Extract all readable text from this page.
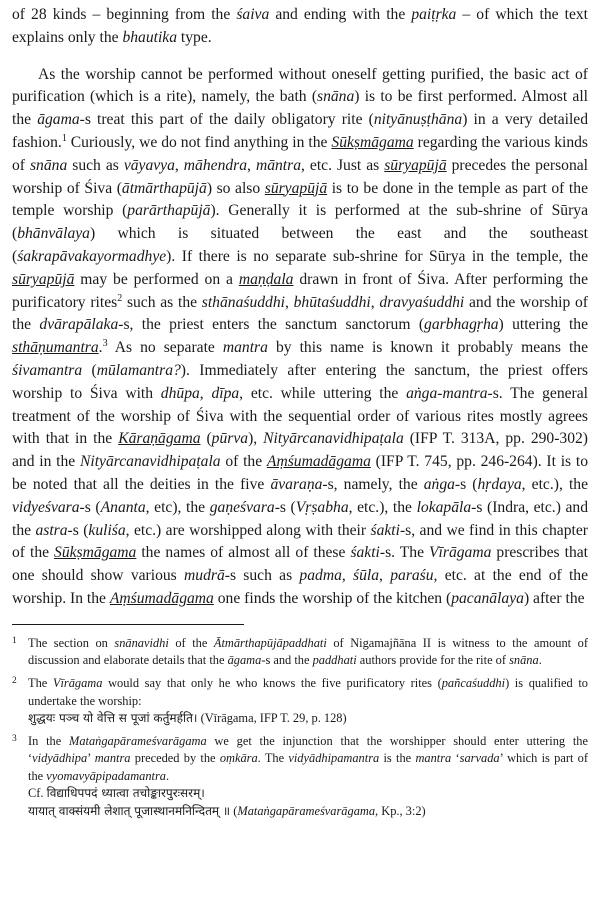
of 28 kinds – beginning from the śaiva and ending with the paiṭṛka – of which the text explains only the bhautika type.

As the worship cannot be performed without oneself getting purified, the basic act of purification (which is a rite), namely, the bath (snāna) is to be first performed. Almost all the āgama-s treat this part of the daily obligatory rite (nityānuṣṭhāna) in a very detailed fashion.$^1$ Curiously, we do not find anything in the Sūkṣmāgama regarding the various kinds of snāna such as vāyavya, māhendra, māntra, etc. Just as sūryapūjā precedes the personal worship of Śiva (ātmārthapūjā) so also sūryapūjā is to be done in the temple as part of the temple worship (parārthapūjā). Generally it is performed at the sub-shrine of Sūrya (bhānvālaya) which is situated between the east and the southeast (śakrapāvakayormadhye). If there is no separate sub-shrine for Sūrya in the temple, the sūryapūjā may be performed on a maṇḍala drawn in front of Śiva. After performing the purificatory rites$^2$ such as the sthānaśuddhi, bhūtaśuddhi, dravyaśuddhi and the worship of the dvārapālaka-s, the priest enters the sanctum sanctorum (garbhagṛha) uttering the sthāṇumantra.$^3$ As no separate mantra by this name is known it probably means the śivamantra (mūlamantra?). Immediately after entering the sanctum, the priest offers worship to Śiva with dhūpa, dīpa, etc. while uttering the aṅga-mantra-s. The general treatment of the worship of Śiva with the sequential order of various rites mostly agrees with that in the Kāraṇāgama (pūrva), Nityārcanavidhipaṭala (IFP T. 313A, pp. 290-302) and in the Nityārcanavidhipaṭala of the Aṃśumadāgama (IFP T. 745, pp. 246-264). It is to be noted that all the deities in the five āvaraṇa-s, namely, the aṅga-s (hṛdaya, etc.), the vidyeśvara-s (Ananta, etc), the gaṇeśvara-s (Vṛṣabha, etc.), the lokapāla-s (Indra, etc.) and the astra-s (kuliśa, etc.) are worshipped along with their śakti-s, and we find in this chapter of the Sūkṣmāgama the names of almost all of these śakti-s. The Vīrāgama prescribes that one should show various mudrā-s such as padma, śūla, paraśu, etc. at the end of the worship. In the Aṃśumadāgama one finds the worship of the kitchen (pacanālaya) after the

1 The section on snānavidhi of the Ātmārthapūjāpaddhati of Nigamajñāna II is witness to the amount of discussion and elaborate details that the āgama-s and the paddhati authors provide for the rite of snāna.
2 The Vīrāgama would say that only he who knows the five purificatory rites (pañcaśuddhi) is qualified to undertake the worship:
शुद्धयः पञ्च यो वेत्ति स पूजां कर्तुमर्हति। (Vīrāgama, IFP T. 29, p. 128)
3 In the Mataṅgapārameśvarāgama we get the injunction that the worshipper should enter uttering the ‘vidyādhipa’ mantra preceded by the oṃkāra. The vidyādhipamantra is the mantra ‘sarvada’ which is part of the vyomavyāpipadamantra.
Cf. विद्याधिपपदं ध्यात्वा तचोङ्कारपुरःसरम्।
यायात् वाक्संयमी लेशात् पूजास्थानमनिन्दितम् ॥ (Mataṅgapārameśvarāgama, Kp., 3:2)
